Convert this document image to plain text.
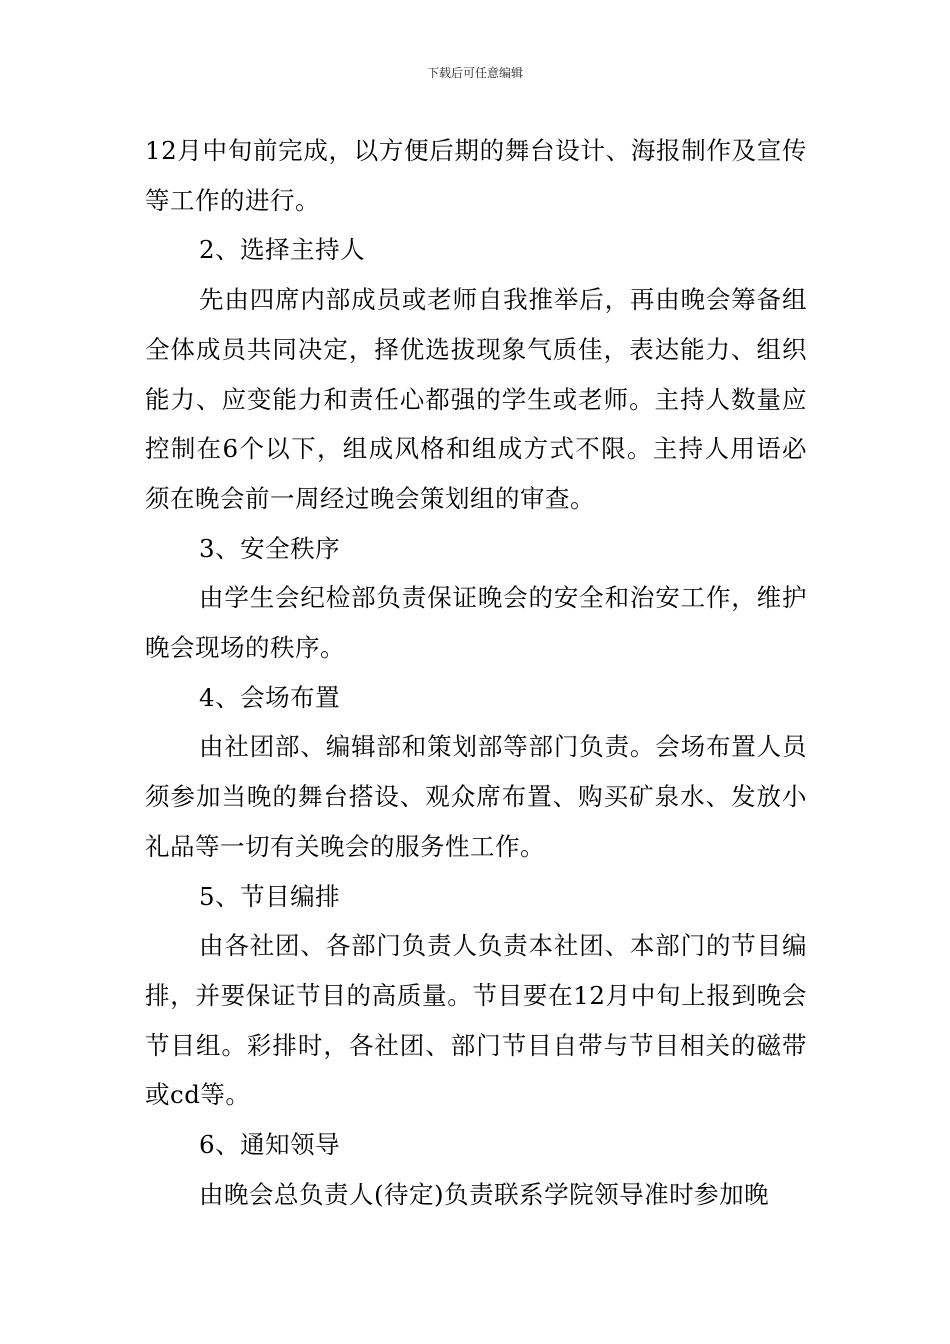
下载后可任意编辑

12月中旬前完成，以方便后期的舞台设计、海报制作及宣传等工作的进行。

2、选择主持人

先由四席内部成员或老师自我推举后，再由晚会筹备组全体成员共同决定，择优选拔现象气质佳，表达能力、组织能力、应变能力和责任心都强的学生或老师。主持人数量应控制在6个以下，组成风格和组成方式不限。主持人用语必须在晚会前一周经过晚会策划组的审查。

3、安全秩序

由学生会纪检部负责保证晚会的安全和治安工作，维护晚会现场的秩序。

4、会场布置

由社团部、编辑部和策划部等部门负责。会场布置人员须参加当晚的舞台搭设、观众席布置、购买矿泉水、发放小礼品等一切有关晚会的服务性工作。

5、节目编排

由各社团、各部门负责人负责本社团、本部门的节目编排，并要保证节目的高质量。节目要在12月中旬上报到晚会节目组。彩排时，各社团、部门节目自带与节目相关的磁带或cd等。

6、通知领导

由晚会总负责人(待定)负责联系学院领导准时参加晚
